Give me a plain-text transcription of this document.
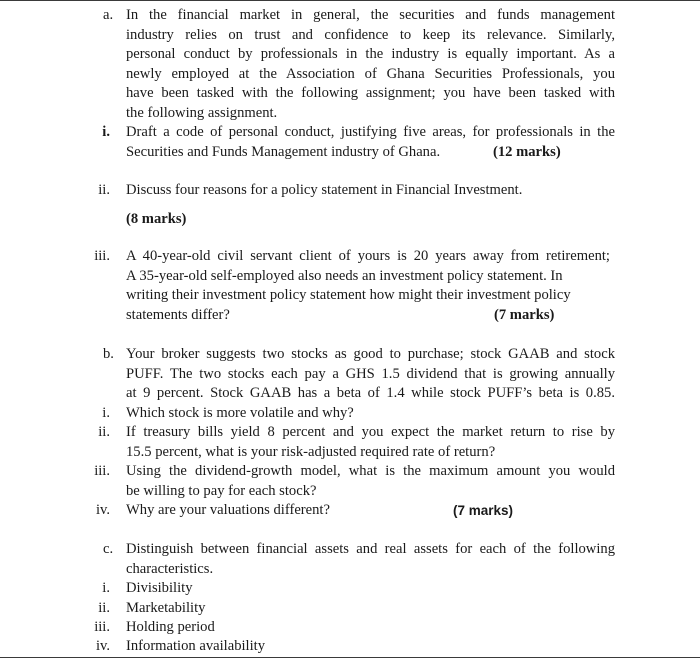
a. In the financial market in general, the securities and funds management
industry relies on trust and confidence to keep its relevance. Similarly,
personal conduct by professionals in the industry is equally important. As a
newly employed at the Association of Ghana Securities Professionals, you
have been tasked with the following assignment; you have been tasked with
the following assignment.
i. Draft a code of personal conduct, justifying five areas, for professionals in the
Securities and Funds Management industry of Ghana.	(12 marks)
ii. Discuss four reasons for a policy statement in Financial Investment.
(8 marks)
iii. A 40-year-old civil servant client of yours is 20 years away from retirement;
A 35-year-old self-employed also needs an investment policy statement. In
writing their investment policy statement how might their investment policy
statements differ?	(7 marks)
b. Your broker suggests two stocks as good to purchase; stock GAAB and stock
PUFF. The two stocks each pay a GHS 1.5 dividend that is growing annually
at 9 percent. Stock GAAB has a beta of 1.4 while stock PUFF’s beta is 0.85.
i. Which stock is more volatile and why?
ii. If treasury bills yield 8 percent and you expect the market return to rise by
15.5 percent, what is your risk-adjusted required rate of return?
iii. Using the dividend-growth model, what is the maximum amount you would
be willing to pay for each stock?
iv. Why are your valuations different?	(7 marks)
c. Distinguish between financial assets and real assets for each of the following
characteristics.
i. Divisibility
ii. Marketability
iii. Holding period
iv. Information availability
